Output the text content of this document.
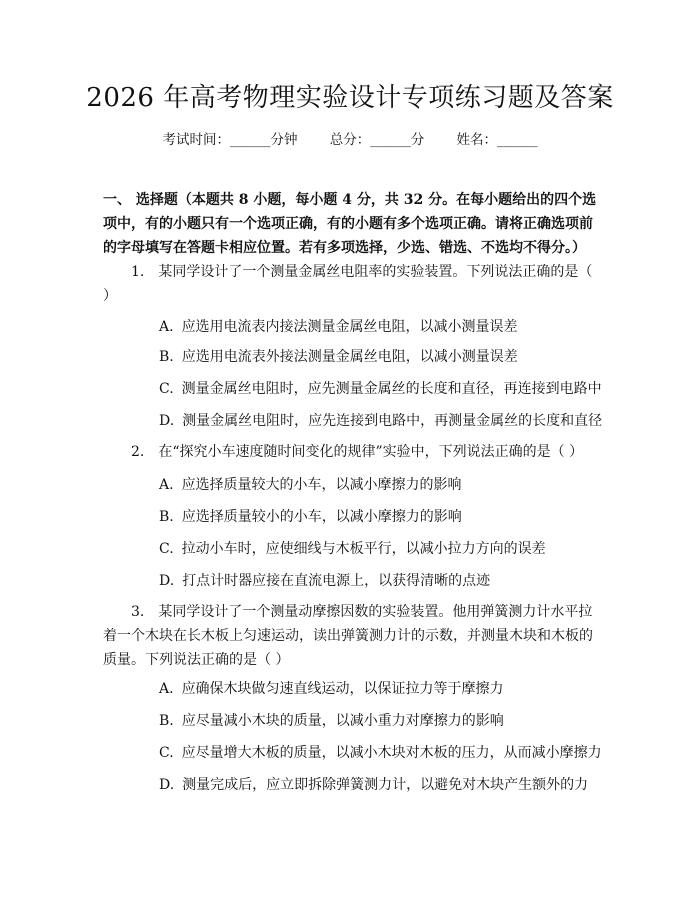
2026 年高考物理实验设计专项练习题及答案
考试时间：______分钟 总分：______分 姓名：______
一、 选择题（本题共 8 小题，每小题 4 分，共 32 分。在每小题给出的四个选项中，有的小题只有一个选项正确，有的小题有多个选项正确。请将正确选项前的字母填写在答题卡相应位置。若有多项选择，少选、错选、不选均不得分。）
1. 某同学设计了一个测量金属丝电阻率的实验装置。下列说法正确的是（ ）
A. 应选用电流表内接法测量金属丝电阻，以减小测量误差
B. 应选用电流表外接法测量金属丝电阻，以减小测量误差
C. 测量金属丝电阻时，应先测量金属丝的长度和直径，再连接到电路中
D. 测量金属丝电阻时，应先连接到电路中，再测量金属丝的长度和直径
2. 在“探究小车速度随时间变化的规律”实验中，下列说法正确的是（ ）
A. 应选择质量较大的小车，以减小摩擦力的影响
B. 应选择质量较小的小车，以减小摩擦力的影响
C. 拉动小车时，应使细线与木板平行，以减小拉力方向的误差
D. 打点计时器应接在直流电源上，以获得清晰的点迹
3. 某同学设计了一个测量动摩擦因数的实验装置。他用弹簧测力计水平拉着一个木块在长木板上匀速运动，读出弹簧测力计的示数，并测量木块和木板的质量。下列说法正确的是（ ）
A. 应确保木块做匀速直线运动，以保证拉力等于摩擦力
B. 应尽量减小木块的质量，以减小重力对摩擦力的影响
C. 应尽量增大木板的质量，以减小木块对木板的压力，从而减小摩擦力
D. 测量完成后，应立即拆除弹簧测力计，以避免对木块产生额外的力
